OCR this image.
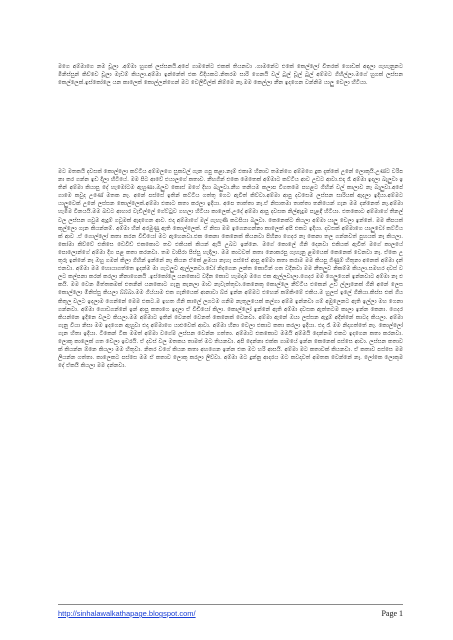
මගෙ අම්මාගෙ නම චූලා .අම්මා හුගක් ලස්සනයි.අපේ ගාමනේට එකක් තියනවා .ගාමනේට එකේ කෙල්ලෝ විතරක් ගොඩක් අඳලා ගැහැනුනට මිනිස්සුන් කිව්වෙ චූලා මැඩම් කියලා.අම්මා ඉන්නේත් එක විදියකට.නිතරම සාරි ගෙනයි වල් ටූල් චූල් ටූල් අම්මට ගිහිල්ලා.මගේ හුගක් ලස්සන කෙල්ලෙක්.ඉස්කෝලෙ යන කාලෙක් කොල්ලන්ගෙන් මට වෙලිවිල්ක් නිම්මෙ නෑ.මම කෙල්ලා නීන ඉදගෙන වන්නිම යාලු වෙලා හිටියා.
මට මතකයි දවසක් කොල්ලො කට්ටිය අම්මලගෙ සුකවල් ගැන ගපු කළා.නෑම් එකාම හිනාව තමන්ගෙ අම්මගෙ දුක දැක්කේ උනේ ලොකුයි.උණ්ට වරිපනා කර ගන්න ඉඩ දිලා හිටියේ. මම පිට ආවේ එයාලගේ කතාව. නීහගින් එකෙ මෙතෙක් අම්මාට කට්ටිය ආව උඩට ආවා.එදා රෑ අම්මා ඉදලා බැලුවා ඉතින් අම්මා කියාපු දේ හැමෝටම ඇහුණා.ඔලුව කොස් මගේ දිහා බැලුවා.නීහ තනියම කලාප විගතමෙ පහළට ගිහින් වල් කාලාව නෑ බැලුවා.අපේ ගාමෙ කවුද උණේ මතක නෑ. අනේ පස්සේ ඉතින් කට්ටිය ගත්තු ගෙට ඇවිත් කිව්වා.අම්මා ආපු දවසෙම ලස්සන සාරියක් ඇදලා ඉදියා.අම්මට යාලුවෙක් උනේ ලස්සන කොල්ලෙක්.අම්මා එකාට කතා කරලා ඉදියා. අපෙ තාත්තා නෑ.ඒ නිසාතමා තාත්තා තනියෙන් ගැන මම දන්නෙත් නෑ.අම්මා හැමිම විනයයි.මම බඩට ආහාර වැඩිල්ලේ ගේට්ටුව ගහලා හිටියා කාලෙක්.උදේ අම්මා ආපු දවසක නිල්ඇදුම පැළඳී හිටියා. එතකොට අම්මාගේ තීනල් වල ලස්සන ගවුම ඇදුම් ගවුමක් ඇඳගෙන ආව. එදා අම්මාගේ මල් ගැහැණි කටපියා බලුවා. කෙනෙක්ට කියලා අම්මා යාලු වෙලා ඉන්නේ. මම කීපයක් කුල්ලො ගැන කියන්නම්. අම්මා හීන් අරමුණු ඇති කොල්ලෙක්. ඒ නිසා මම ඉගෙනගන්නා කාලෙක් අපි එකට ඉදියා. දවසක් අම්මාගෙ යාලුවෝ කට්ටියක් ආව .ඒ ගොල්ලෝ කතා කරන වීඩියෝ මට ඇහෙනවා.එක කෙනා කෙනෙක් කියනවා පිහිනා ගෙදර නෑ කෙනා තල ගන්නවත් පුහයක් නෑ කියලා.කෝමා කිව්වේ එකිසෙ ඩෙවිඩ් එකකොට තව එකියක් කියන් ඇයි උබට ඉන්නෙ. මගේ කොලේ ගිනි දෙනවා එකියක් ඇවිත් මගේ කාලයේ පොලොන්ගේ අම්මා දිග පළ කතා කරනවා. තම වාපිරා පිස්සු හැදිලා. මම කාටවත් කතා නොකරපු ගැහැනු ළමයෙක් කෙනෙක් වෙනවා නෑ. ඒකෙ උතුරු ඉන්නේ නෑ ඔහු ගමන් කිලා ගිහින් ඉන්නේ නෑ කියන ඒකේ ළමයා නැහැ පස්සේ ආපු අම්මා කතා කරාම මම කියපු ගිණුම් හිතුනා අනෙක් අම්මා දැන් එනවා. අම්මා මම හොයාගත්තෙ ඉදන්ම මා ගැටලුව ඇල්ලනවා.ඩෝ නිදගෙන ලන්ත කොටින් ගත වදිනවා මම නීතලුව නිකම්ම කියලා.සමහර දවස් වලට කල්පනා කරන් කරලා නීනාගෙනයි .ඉස්කෝලෙ යනකොට වදින කොට හැමදාම මගෙ එක ඇල්ලවාලා.ගෙදර මම ගෙලුගෙන් ඉන්නවාට අම්මා නෑ එකයි. මම වෙන මිත්තකමක් එතනින් යනකොට ගැනු කැනලා මාව නැවැත්තුවා.කෙනෙකු කොල්ලෙ නීට්ටිය එකෙන් උඩ ල්ලෑනෙක් ගිනි අනේ ලෙස කොල්ලො මිනිස්සු කියලා බ්බ්බා.මම ගිය්යාම එක ගැනියෙක් ආනාවා බ්ජ ඉන්න අම්මට එහෙන් කම්කිංමේ එකිය.ම හුලස් ඉලේ ගිනියා.කිස්ස එක් ගිය කිතුල වලට ඉදලාම ගෙන්නේ මෙම එකට.ම ඉහත ගිනි කාලේ ලගටම ගනිම නැතුලයෙක් කල්ගා අම්ම ඉන්නවා ගම් අමුලෙනට ඇති ඉල්ලා මහ ගෙනා ගන්නවා. අම්මා ගොඩගන්නේ ඉන් ආපු කතාගෙ ඉදලා ඒ වීඩියෝ කිලා. කොල්ලෝ ඉන්නේ ඇති අම්මා දවසක ඇත්තටම කාලා ඉන්න කෙනා. ගෙදර කියන්නෙ ඉදිනෙ වලට කියලා.මම අම්මාට ඉතින් වෙනත් වෙනත් කෙනෙක් වෙනවා. අම්මා ඇනේ ඔයා ලස්සන ඇදුම් අදින්නේ කාටද කියලා. අම්මා ගැනු වියා නිසා මම ඉදගෙන ඇහුවා එදා අම්මාගෙ යාළුවෙක් ආවා. අම්මා හිනා වෙලා එකාට කතා කරලා ඉදියා. එදා රෑ මම නිදාගත්තේ නෑ. කොල්ලෝ ගැන හිතා ඉදියා. ටිකෙන් ටික මමත් අම්මා වගේම ලස්සන වෙන්න ගත්තා. අම්මාට එකකොට මමයි අම්මයි දෙන්නම එකට ඉදගෙන කතා කරනවා. ලොකු කාලෙක් ගත වෙලා ඉවරයි. ඒ දවස් වල මතකය තාමත් මට තියනවා. අපි දෙන්නා එක්ක ගාමයේ ඉන්න කෙනෙක් පස්සෙ ආවා. ලස්සන කතාවක් කියන්න ඕනෙ කියලා මම හිතුවා. නිතර වගේ කියන කතා අහගෙන ඉන්න එක මට හරි ආසයි. අම්මා මට කතාවක් කියනවා. ඒ කතාව පස්සෙ මම ලියන්න ගත්තා. කාලෙකට පස්සෙ මම ඒ කතාව ලොකු කරලා ලිව්වා. අම්මා මට දුන්නු ආදරය මට කවදාවත් අමතක වෙන්නේ නෑ. ලෝකෙ ලොකුම දේ ඒකයි කියලා මම දන්නවා.
http://sinhalawalkathapage.blogspot.com/	Page 1
